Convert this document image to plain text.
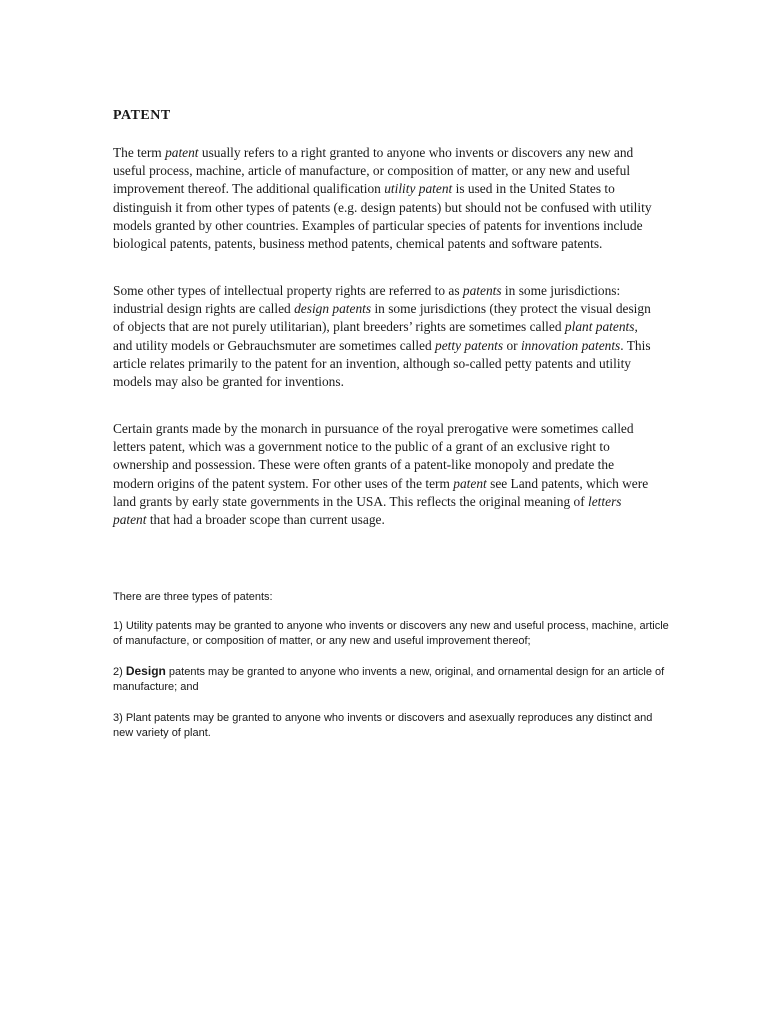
PATENT

The term patent usually refers to a right granted to anyone who invents or discovers any new and useful process, machine, article of manufacture, or composition of matter, or any new and useful improvement thereof. The additional qualification utility patent is used in the United States to distinguish it from other types of patents (e.g. design patents) but should not be confused with utility models granted by other countries. Examples of particular species of patents for inventions include biological patents, patents, business method patents, chemical patents and software patents.

Some other types of intellectual property rights are referred to as patents in some jurisdictions: industrial design rights are called design patents in some jurisdictions (they protect the visual design of objects that are not purely utilitarian), plant breeders’ rights are sometimes called plant patents, and utility models or Gebrauchsmuter are sometimes called petty patents or innovation patents. This article relates primarily to the patent for an invention, although so-called petty patents and utility models may also be granted for inventions.

Certain grants made by the monarch in pursuance of the royal prerogative were sometimes called letters patent, which was a government notice to the public of a grant of an exclusive right to ownership and possession. These were often grants of a patent-like monopoly and predate the modern origins of the patent system. For other uses of the term patent see Land patents, which were land grants by early state governments in the USA. This reflects the original meaning of letters patent that had a broader scope than current usage.

There are three types of patents:

1) Utility patents may be granted to anyone who invents or discovers any new and useful process, machine, article of manufacture, or composition of matter, or any new and useful improvement thereof;

2) Design patents may be granted to anyone who invents a new, original, and ornamental design for an article of manufacture; and

3) Plant patents may be granted to anyone who invents or discovers and asexually reproduces any distinct and new variety of plant.
